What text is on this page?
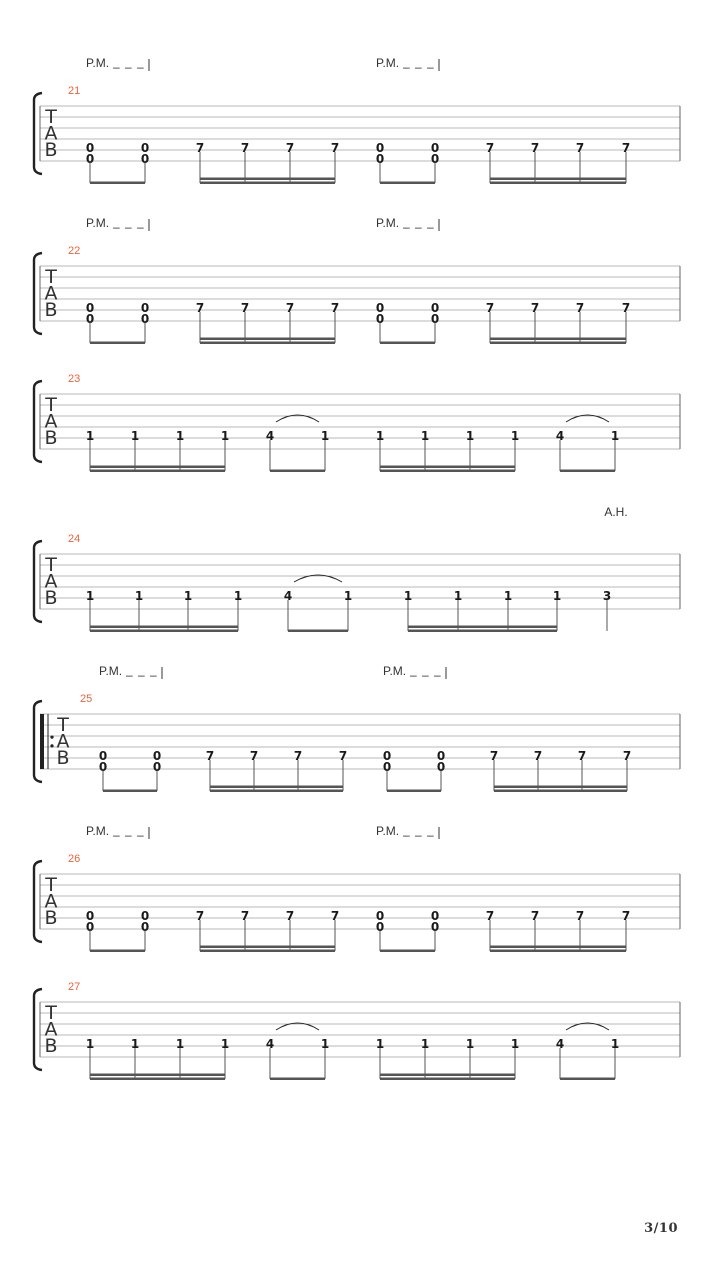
T
A
B
21
P.M. – – –	P.M. – – –
0
0
0
0
7	7	7	7	0
0
0
0
7	7	7	7
T
A
B
22
P.M. – – –	P.M. – – –
0
0
0
0
7	7	7	7	0
0
0
0
7	7	7	7
T
A
B
23
1	1	1	1	4	1	1	1	1	1	4	1
T
A
B
24
A.H.
1	1	1	1	4	1	1	1	1	1	3
T
A
B
25
P.M. – – –	P.M. – – –
0
0
0
0
7	7	7	7	0
0
0
0
7	7	7	7
T
A
B
26
P.M. – – –	P.M. – – –
0
0
0
0
7	7	7	7	0
0
0
0
7	7	7	7
T
A
B
27
1	1	1	1	4	1	1	1	1	1	4	1
3/10
